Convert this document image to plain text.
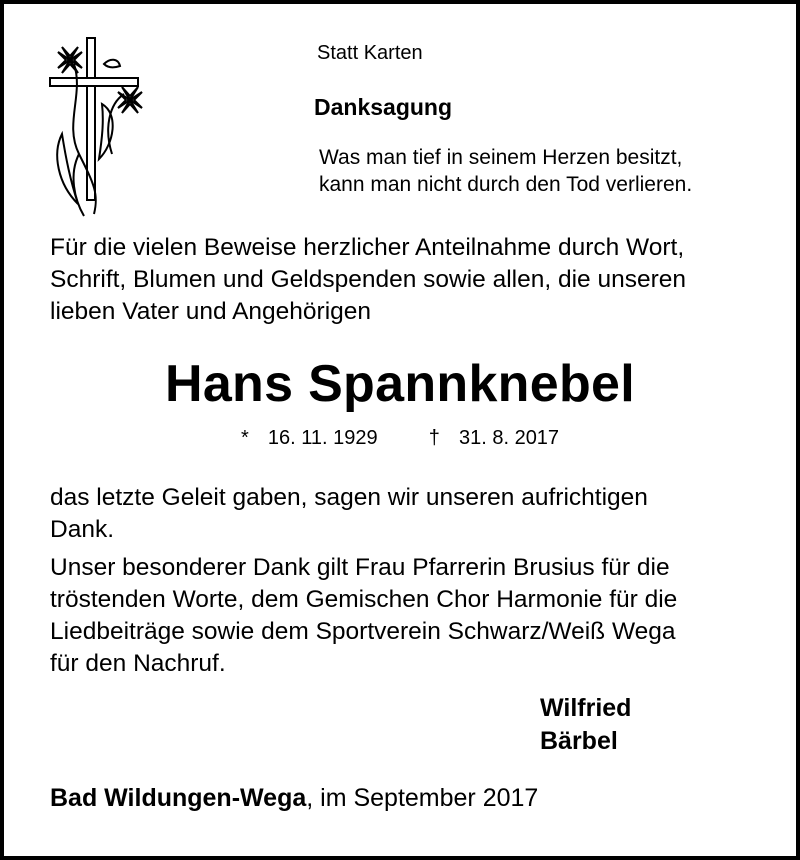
Statt Karten

Danksagung
Was man tief in seinem Herzen besitzt,
kann man nicht durch den Tod verlieren.
Für die vielen Beweise herzlicher Anteilnahme durch Wort,
Schrift, Blumen und Geldspenden sowie allen, die unseren
lieben Vater und Angehörigen
Hans Spannknebel
* 16. 11. 1929	† 31. 8. 2017
das letzte Geleit gaben, sagen wir unseren aufrichtigen
Dank.
Unser besonderer Dank gilt Frau Pfarrerin Brusius für die
tröstenden Worte, dem Gemischen Chor Harmonie für die
Liedbeiträge sowie dem Sportverein Schwarz/Weiß Wega
für den Nachruf.
Wilfried
Bärbel

Bad Wildungen-Wega, im September 2017
